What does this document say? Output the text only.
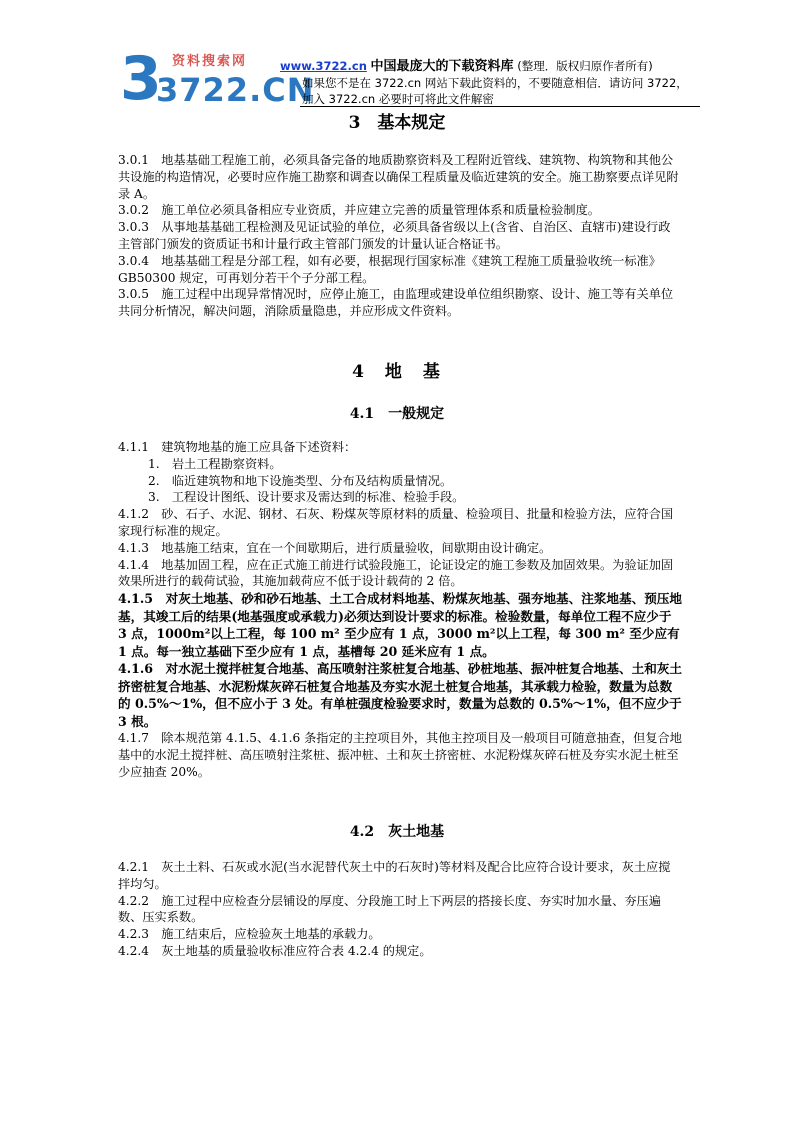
3 资料搜索网
3722.CN
www.3722.cn 中国最庞大的下载资料库 (整理．版权归原作者所有)
如果您不是在 3722.cn 网站下载此资料的，不要随意相信．请访问 3722，
加入 3722.cn 必要时可将此文件解密
3　基本规定

3.0.1　地基基础工程施工前，必须具备完备的地质勘察资料及工程附近管线、建筑物、构筑物和其他公共设施的构造情况，必要时应作施工勘察和调查以确保工程质量及临近建筑的安全。施工勘察要点详见附录 A。

3.0.2　施工单位必须具备相应专业资质，并应建立完善的质量管理体系和质量检验制度。

3.0.3　从事地基基础工程检测及见证试验的单位，必须具备省级以上(含省、自治区、直辖市)建设行政主管部门颁发的资质证书和计量行政主管部门颁发的计量认证合格证书。

3.0.4　地基基础工程是分部工程，如有必要，根据现行国家标准《建筑工程施工质量验收统一标准》GB50300 规定，可再划分若干个子分部工程。

3.0.5　施工过程中出现异常情况时，应停止施工，由监理或建设单位组织勘察、设计、施工等有关单位共同分析情况，解决问题，消除质量隐患，并应形成文件资料。

4　地　基
4.1　一般规定

4.1.1　建筑物地基的施工应具备下述资料：

1.　岩土工程勘察资料。

2.　临近建筑物和地下设施类型、分布及结构质量情况。

3.　工程设计图纸、设计要求及需达到的标准、检验手段。

4.1.2　砂、石子、水泥、钢材、石灰、粉煤灰等原材料的质量、检验项目、批量和检验方法，应符合国家现行标准的规定。

4.1.3　地基施工结束，宜在一个间歇期后，进行质量验收，间歇期由设计确定。

4.1.4　地基加固工程，应在正式施工前进行试验段施工，论证设定的施工参数及加固效果。为验证加固效果所进行的载荷试验，其施加载荷应不低于设计载荷的 2 倍。

4.1.5　对灰土地基、砂和砂石地基、土工合成材料地基、粉煤灰地基、强夯地基、注浆地基、预压地基，其竣工后的结果(地基强度或承载力)必须达到设计要求的标准。检验数量，每单位工程不应少于 3 点，1000m²以上工程，每 100 m² 至少应有 1 点，3000 m²以上工程，每 300 m² 至少应有 1 点。每一独立基础下至少应有 1 点，基槽每 20 延米应有 1 点。

4.1.6　对水泥土搅拌桩复合地基、高压喷射注浆桩复合地基、砂桩地基、振冲桩复合地基、土和灰土挤密桩复合地基、水泥粉煤灰碎石桩复合地基及夯实水泥土桩复合地基，其承载力检验，数量为总数的 0.5%～1%，但不应小于 3 处。有单桩强度检验要求时，数量为总数的 0.5%～1%，但不应少于 3 根。

4.1.7　除本规范第 4.1.5、4.1.6 条指定的主控项目外，其他主控项目及一般项目可随意抽查，但复合地基中的水泥土搅拌桩、高压喷射注浆桩、振冲桩、土和灰土挤密桩、水泥粉煤灰碎石桩及夯实水泥土桩至少应抽查 20%。

4.2　灰土地基

4.2.1　灰土土料、石灰或水泥(当水泥替代灰土中的石灰时)等材料及配合比应符合设计要求，灰土应搅拌均匀。

4.2.2　施工过程中应检查分层铺设的厚度、分段施工时上下两层的搭接长度、夯实时加水量、夯压遍数、压实系数。

4.2.3　施工结束后，应检验灰土地基的承载力。

4.2.4　灰土地基的质量验收标准应符合表 4.2.4 的规定。
